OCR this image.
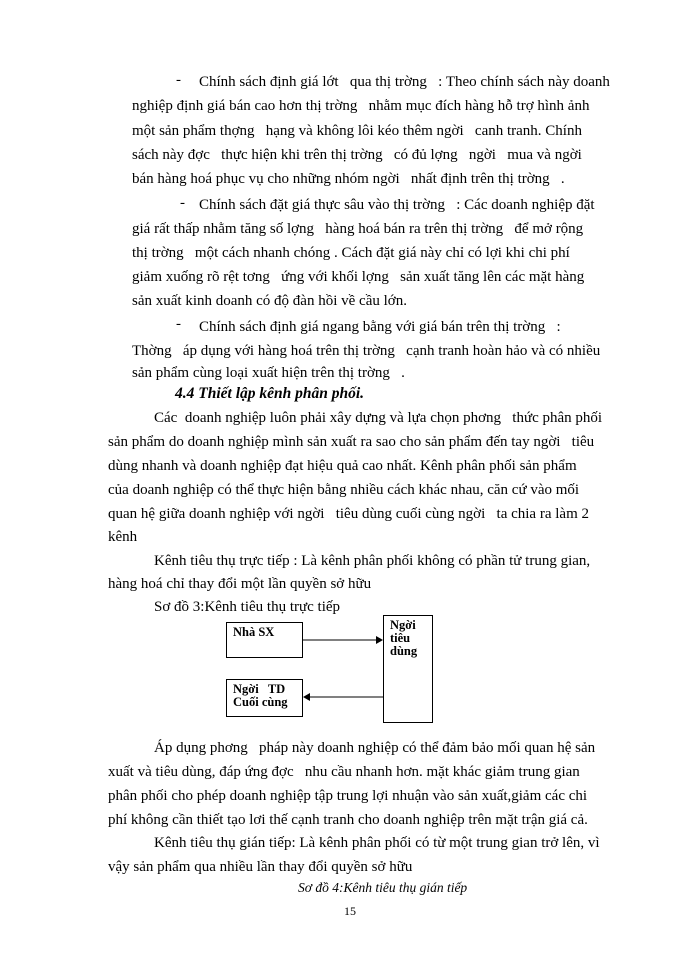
- Chính sách định giá lớt   qua thị trờng   : Theo chính sách này doanh

nghiệp định giá bán cao hơn thị trờng   nhằm mục đích hàng hỗ trợ hình ảnh

một sản phẩm thợng   hạng và không lôi kéo thêm ngời   canh tranh. Chính

sách này đợc   thực hiện khi trên thị trờng   có đủ lợng   ngời   mua và ngời

bán hàng hoá phục vụ cho những nhóm ngời   nhất định trên thị trờng   .

- Chính sách đặt giá thực sâu vào thị trờng   : Các doanh nghiệp đặt

giá rất thấp nhằm tăng số lợng   hàng hoá bán ra trên thị trờng   để mở rộng

thị trờng   một cách nhanh chóng . Cách đặt giá này chỉ có lợi khi chi phí

giảm xuống rõ rệt tơng   ứng với khối lợng   sản xuất tăng lên các mặt hàng

sản xuất kinh doanh có độ đàn hồi về cầu lớn.

- Chính sách định giá ngang bằng với giá bán trên thị trờng   :

Thờng   áp dụng với hàng hoá trên thị trờng   cạnh tranh hoàn hảo và có nhiều

sản phẩm cùng loại xuất hiện trên thị trờng   .

4.4 Thiết lập kênh phân phối.

Các  doanh nghiệp luôn phải xây dựng và lựa chọn phơng   thức phân phối

sản phẩm do doanh nghiệp mình sản xuất ra sao cho sản phẩm đến tay ngời   tiêu

dùng nhanh và doanh nghiệp đạt hiệu quả cao nhất. Kênh phân phối sản phẩm

của doanh nghiệp có thể thực hiện bằng nhiều cách khác nhau, căn cứ vào mối

quan hệ giữa doanh nghiệp với ngời   tiêu dùng cuối cùng ngời   ta chia ra làm 2

kênh

Kênh tiêu thụ trực tiếp : Là kênh phân phối không có phần tử trung gian,

hàng hoá chỉ thay đổi một lần quyền sở hữu

Sơ đồ 3:Kênh tiêu thụ trực tiếp

Nhà SX	Ngời
tiêu
dùng
Ngời   TD
Cuối cùng

Áp dụng phơng   pháp này doanh nghiệp có thể đảm bảo mối quan hệ sản

xuất và tiêu dùng, đáp ứng đợc   nhu cầu nhanh hơn. mặt khác giảm trung gian

phân phối cho phép doanh nghiệp tập trung lợi nhuận vào sản xuất,giảm các chi

phí không cần thiết tạo lơi thế cạnh tranh cho doanh nghiệp trên mặt trận giá cả.

Kênh tiêu thụ gián tiếp: Là kênh phân phối có từ một trung gian trở lên, vì

vậy sản phẩm qua nhiều lần thay đổi quyền sở hữu

Sơ đồ 4:Kênh tiêu thụ gián tiếp

15
